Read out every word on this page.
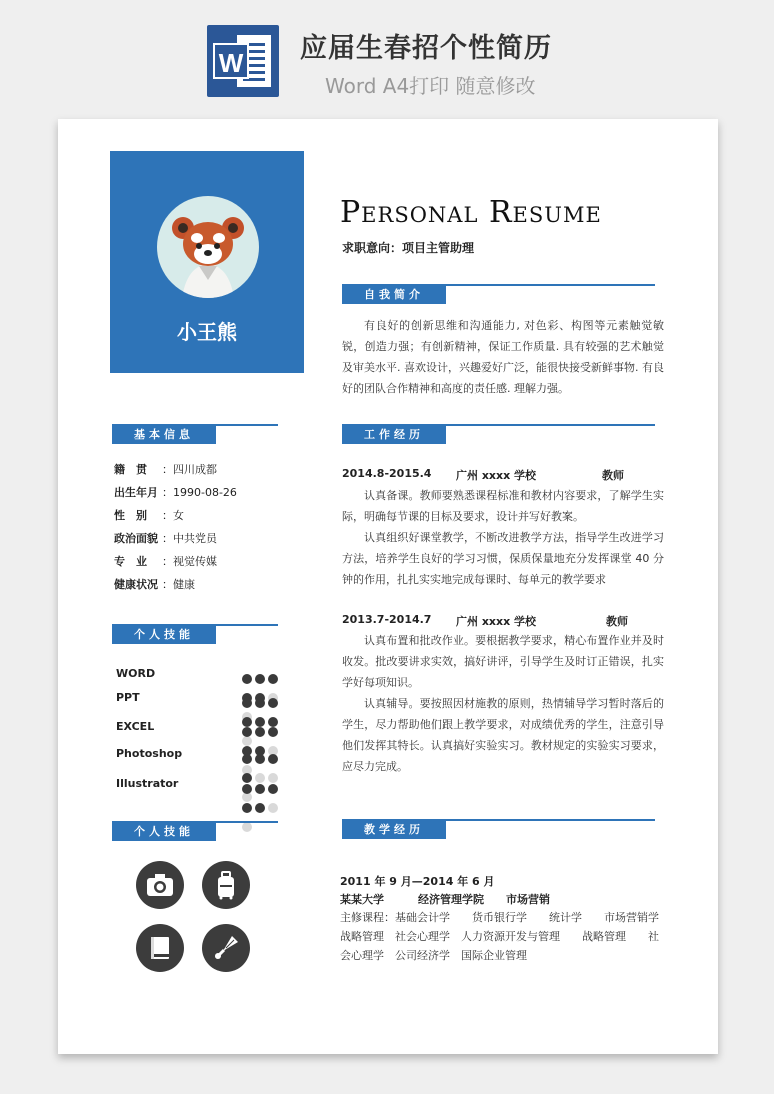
W 应届生春招个性简历
Word A4打印 随意修改
小王熊
Personal Resume
求职意向：项目主管助理
自我简介
有良好的创新思维和沟通能力, 对色彩、构图等元素触觉敏锐，创造力强；有创新精神，保证工作质量. 具有较强的艺术触觉及审美水平. 喜欢设计，兴趣爱好广泛，能很快接受新鲜事物. 有良好的团队合作精神和高度的责任感. 理解力强。
基本信息
籍　贯 ：四川成都
出生年月 ：1990-08-26
性　别 ：女
政治面貌 ：中共党员
专　业 ：视觉传媒
健康状况 ：健康
个人技能
WORD
PPT
EXCEL
Photoshop
Illustrator
个人技能
工作经历
2014.8-2015.4 广州 xxxx 学校	教师
认真备课。教师要熟悉课程标准和教材内容要求，了解学生实际，明确每节课的目标及要求，设计并写好教案。
认真组织好课堂教学，不断改进教学方法，指导学生改进学习方法，培养学生良好的学习习惯，保质保量地充分发挥课堂 40 分钟的作用，扎扎实实地完成每课时、每单元的教学要求
2013.7-2014.7 广州 xxxx 学校	教师
认真布置和批改作业。要根据教学要求，精心布置作业并及时收发。批改要讲求实效，搞好讲评，引导学生及时订正错误，扎实学好每项知识。
认真辅导。要按照因材施教的原则，热情辅导学习暂时落后的学生，尽力帮助他们跟上教学要求，对成绩优秀的学生，注意引导他们发挥其特长。认真搞好实验实习。教材规定的实验实习要求，应尽力完成。
教学经历
2011 年 9 月—2014 年 6 月
某某大学	经济管理学院 市场营销
主修课程：基础会计学　　货币银行学　　统计学　　市场营销学
战略管理　社会心理学　人力资源开发与管理　　战略管理　　社
会心理学　公司经济学　国际企业管理
